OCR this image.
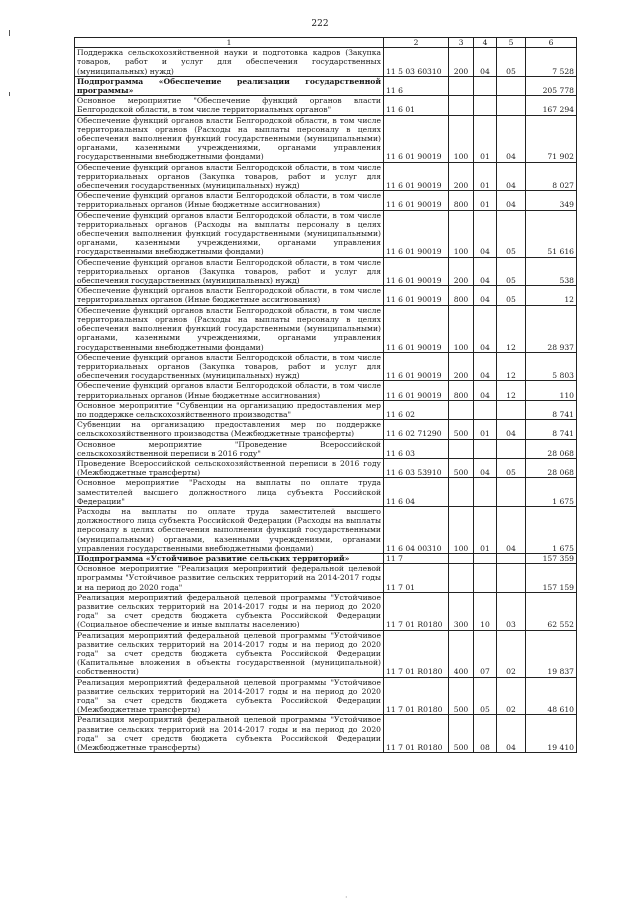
222
·
1	2	3	4	5	6
Поддержка сельскохозяйственной науки и подготовка кадров (Закупка товаров, работ и услуг для обеспечения государственных (муниципальных) нужд)	11 5 03 60310	200	04	05	7 528
Подпрограмма «Обеспечение реализации государственной программы»	11 6				205 778
Основное мероприятие "Обеспечение функций органов власти Белгородской области, в том числе территориальных органов"	11 6 01				167 294
Обеспечение функций органов власти Белгородской области, в том числе территориальных органов (Расходы на выплаты персоналу в целях обеспечения выполнения функций государственными (муниципальными) органами, казенными учреждениями, органами управления государственными внебюджетными фондами)	11 6 01 90019	100	01	04	71 902
Обеспечение функций органов власти Белгородской области, в том числе территориальных органов (Закупка товаров, работ и услуг для обеспечения государственных (муниципальных) нужд)	11 6 01 90019	200	01	04	8 027
Обеспечение функций органов власти Белгородской области, в том числе территориальных органов (Иные бюджетные ассигнования)	11 6 01 90019	800	01	04	349
Обеспечение функций органов власти Белгородской области, в том числе территориальных органов (Расходы на выплаты персоналу в целях обеспечения выполнения функций государственными (муниципальными) органами, казенными учреждениями, органами управления государственными внебюджетными фондами)	11 6 01 90019	100	04	05	51 616
Обеспечение функций органов власти Белгородской области, в том числе территориальных органов (Закупка товаров, работ и услуг для обеспечения государственных (муниципальных) нужд)	11 6 01 90019	200	04	05	538
Обеспечение функций органов власти Белгородской области, в том числе территориальных органов (Иные бюджетные ассигнования)	11 6 01 90019	800	04	05	12
Обеспечение функций органов власти Белгородской области, в том числе территориальных органов (Расходы на выплаты персоналу в целях обеспечения выполнения функций государственными (муниципальными) органами, казенными учреждениями, органами управления государственными внебюджетными фондами)	11 6 01 90019	100	04	12	28 937
Обеспечение функций органов власти Белгородской области, в том числе территориальных органов (Закупка товаров, работ и услуг для обеспечения государственных (муниципальных) нужд)	11 6 01 90019	200	04	12	5 803
Обеспечение функций органов власти Белгородской области, в том числе территориальных органов (Иные бюджетные ассигнования)	11 6 01 90019	800	04	12	110
Основное мероприятие "Субвенции на организацию предоставления мер по поддержке сельскохозяйственного производства"	11 6 02				8 741
Субвенции на организацию предоставления мер по поддержке сельскохозяйственного производства (Межбюджетные трансферты)	11 6 02 71290	500	01	04	8 741
Основное мероприятие "Проведение Всероссийской сельскохозяйственной переписи в 2016 году"	11 6 03				28 068
Проведение Всероссийской сельскохозяйственной переписи в 2016 году (Межбюджетные трансферты)	11 6 03 53910	500	04	05	28 068
Основное мероприятие "Расходы на выплаты по оплате труда заместителей высшего должностного лица субъекта Российской Федерации"	11 6 04				1 675
Расходы на выплаты по оплате труда заместителей высшего должностного лица субъекта Российской Федерации (Расходы на выплаты персоналу в целях обеспечения выполнения функций государственными (муниципальными) органами, казенными учреждениями, органами управления государственными внебюджетными фондами)	11 6 04 00310	100	01	04	1 675
Подпрограмма «Устойчивое развитие сельских территорий»	11 7				157 359
Основное мероприятие "Реализация мероприятий федеральной целевой программы "Устойчивое развитие сельских территорий на 2014-2017 годы и на период до 2020 года"	11 7 01				157 159
Реализация мероприятий федеральной целевой программы "Устойчивое развитие сельских территорий на 2014-2017 годы и на период до 2020 года" за счет средств бюджета субъекта Российской Федерации (Социальное обеспечение и иные выплаты населению)	11 7 01 R0180	300	10	03	62 552
Реализация мероприятий федеральной целевой программы "Устойчивое развитие сельских территорий на 2014-2017 годы и на период до 2020 года" за счет средств бюджета субъекта Российской Федерации (Капитальные вложения в объекты государственной (муниципальной) собственности)	11 7 01 R0180	400	07	02	19 837
Реализация мероприятий федеральной целевой программы "Устойчивое развитие сельских территорий на 2014-2017 годы и на период до 2020 года" за счет средств бюджета субъекта Российской Федерации (Межбюджетные трансферты)	11 7 01 R0180	500	05	02	48 610
Реализация мероприятий федеральной целевой программы "Устойчивое развитие сельских территорий на 2014-2017 годы и на период до 2020 года" за счет средств бюджета субъекта Российской Федерации (Межбюджетные трансферты)	11 7 01 R0180	500	08	04	19 410
